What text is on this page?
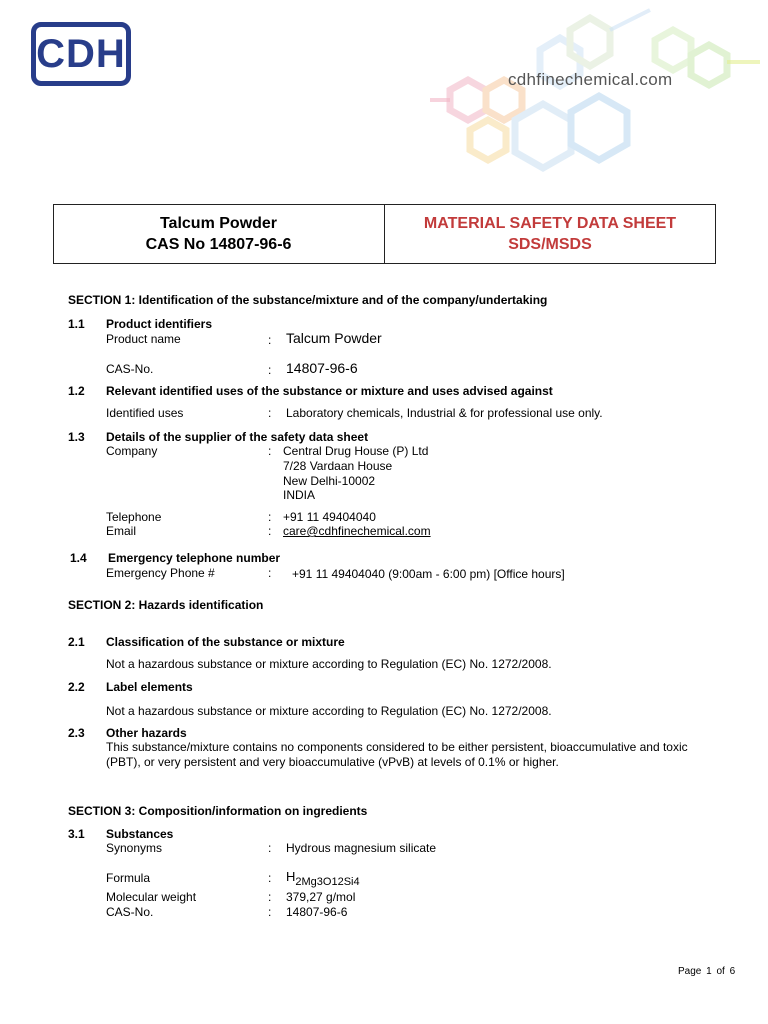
CDH
cdhfinechemical.com
Talcum Powder
CAS No 14807-96-6
MATERIAL SAFETY DATA SHEET
SDS/MSDS
SECTION 1: Identification of the substance/mixture and of the company/undertaking
1.1 Product identifiers
Product name	: Talcum Powder
CAS-No.	: 14807-96-6
1.2 Relevant identified uses of the substance or mixture and uses advised against
Identified uses	: Laboratory chemicals, Industrial & for professional use only.
1.3 Details of the supplier of the safety data sheet
Company	: Central Drug House (P) Ltd
7/28 Vardaan House
New Delhi-10002
INDIA
Telephone	: +91 11 49404040
Email	: care@cdhfinechemical.com
1.4 Emergency telephone number
Emergency Phone #	: +91 11 49404040 (9:00am - 6:00 pm) [Office hours]
SECTION 2: Hazards identification
2.1 Classification of the substance or mixture
Not a hazardous substance or mixture according to Regulation (EC) No. 1272/2008.
2.2 Label elements
Not a hazardous substance or mixture according to Regulation (EC) No. 1272/2008.
2.3 Other hazards
This substance/mixture contains no components considered to be either persistent, bioaccumulative and toxic (PBT), or very persistent and very bioaccumulative (vPvB) at levels of 0.1% or higher.
SECTION 3: Composition/information on ingredients
3.1 Substances
Synonyms	: Hydrous magnesium silicate
Formula	: $H_{2Mg3O12Si4}$
Molecular weight	: 379,27 g/mol
CAS-No.	: 14807-96-6
Page 1 of 6
